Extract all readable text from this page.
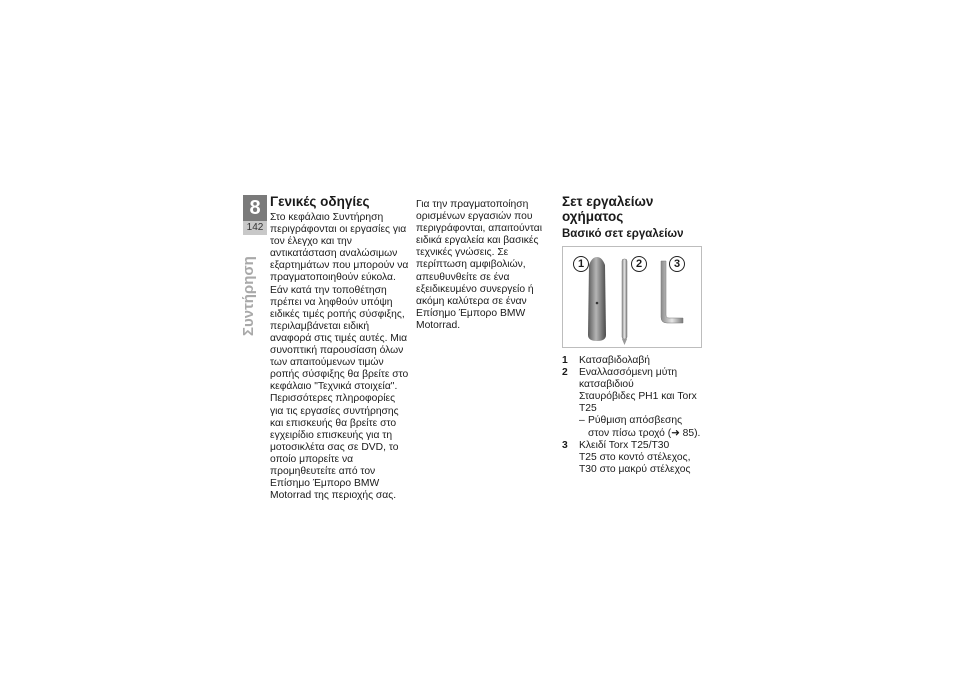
8
142
Συντήρηση
Γενικές οδηγίες

Στο κεφάλαιο Συντήρηση περιγράφονται οι εργασίες για τον έλεγχο και την αντικατάσταση αναλώσιμων εξαρτημάτων που μπορούν να πραγματοποιηθούν εύκολα.

Εάν κατά την τοποθέτηση πρέπει να ληφθούν υπόψη ειδικές τιμές ροπής σύσφιξης, περιλαμβάνεται ειδική αναφορά στις τιμές αυτές. Μια συνοπτική παρουσίαση όλων των απαιτούμενων τιμών ροπής σύσφιξης θα βρείτε στο κεφάλαιο "Τεχνικά στοιχεία".

Περισσότερες πληροφορίες για τις εργασίες συντήρησης και επισκευής θα βρείτε στο εγχειρίδιο επισκευής για τη μοτοσικλέτα σας σε DVD, το οποίο μπορείτε να προμηθευτείτε από τον Επίσημο Έμπορο BMW Motorrad της περιοχής σας.

Για την πραγματοποίηση ορισμένων εργασιών που περιγράφονται, απαιτούνται ειδικά εργαλεία και βασικές τεχνικές γνώσεις. Σε περίπτωση αμφιβολιών, απευθυνθείτε σε ένα εξειδικευμένο συνεργείο ή ακόμη καλύτερα σε έναν Επίσημο Έμπορο BMW Motorrad.

Σετ εργαλείων οχήματος
Βασικό σετ εργαλείων
1	2	3
1	Κατσαβιδολαβή
2	Εναλλασσόμενη μύτη κατσαβιδιού
Σταυρόβιδες PH1 και Torx T25
– Ρύθμιση απόσβεσης στον πίσω τροχό (➜ 85).
3	Κλειδί Torx T25/T30
T25 στο κοντό στέλεχος, T30 στο μακρύ στέλεχος
